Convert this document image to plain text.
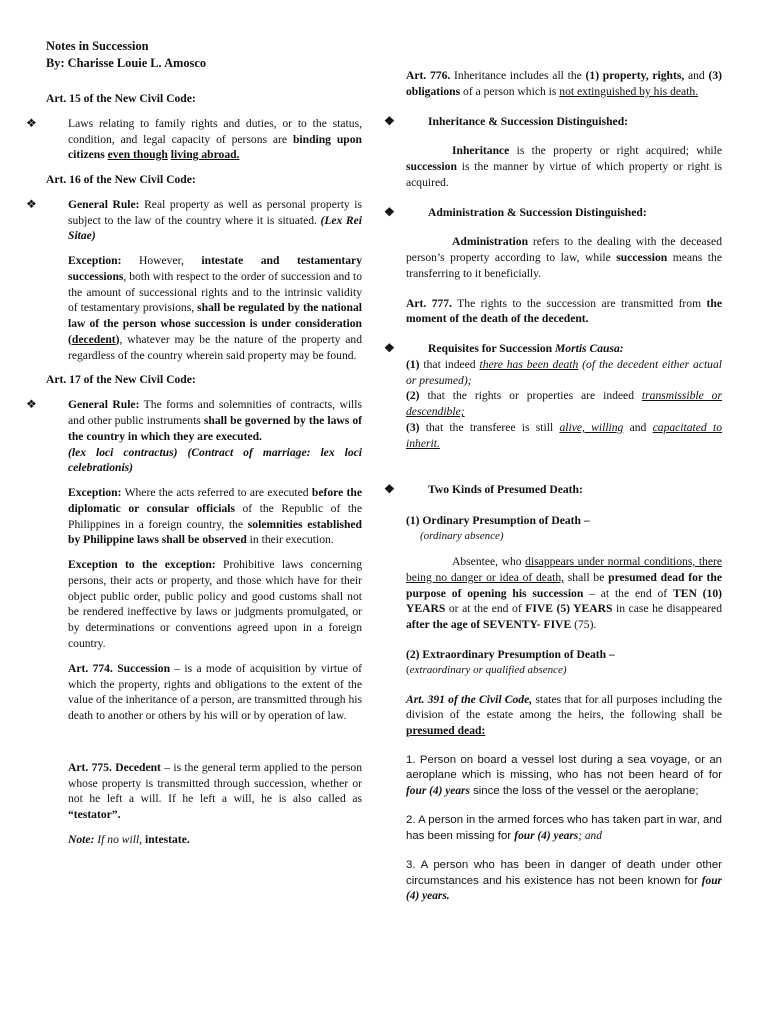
Notes in Succession
By: Charisse Louie L. Amosco

Art. 15 of the New Civil Code:

❖	Laws relating to family rights and duties, or to the status, condition, and legal capacity of persons are binding upon citizens even though living abroad.

Art. 16 of the New Civil Code:

❖	General Rule: Real property as well as personal property is subject to the law of the country where it is situated. (Lex Rei Sitae)
Exception: However, intestate and testamentary successions, both with respect to the order of succession and to the amount of successional rights and to the intrinsic validity of testamentary provisions, shall be regulated by the national law of the person whose succession is under consideration (decedent), whatever may be the nature of the property and regardless of the country wherein said property may be found.

Art. 17 of the New Civil Code:

❖	General Rule: The forms and solemnities of contracts, wills and other public instruments shall be governed by the laws of the country in which they are executed.
(lex loci contractus) (Contract of marriage: lex loci celebrationis)
Exception: Where the acts referred to are executed before the diplomatic or consular officials of the Republic of the Philippines in a foreign country, the solemnities established by Philippine laws shall be observed in their execution.
Exception to the exception: Prohibitive laws concerning persons, their acts or property, and those which have for their object public order, public policy and good customs shall not be rendered ineffective by laws or judgments promulgated, or by determinations or conventions agreed upon in a foreign country.
Art. 774. Succession – is a mode of acquisition by virtue of which the property, rights and obligations to the extent of the value of the inheritance of a person, are transmitted through his death to another or others by his will or by operation of law.
Art. 775. Decedent – is the general term applied to the person whose property is transmitted through succession, whether or not he left a will. If he left a will, he is also called as “testator”.
Note: If no will, intestate.
Art. 776. Inheritance includes all the (1) property, rights, and (3) obligations of a person which is not extinguished by his death.
❖	Inheritance & Succession Distinguished:
Inheritance is the property or right acquired; while succession is the manner by virtue of which property or right is acquired.
❖	Administration & Succession Distinguished:
Administration refers to the dealing with the deceased person’s property according to law, while succession means the transferring to it beneficially.
Art. 777. The rights to the succession are transmitted from the moment of the death of the decedent.
❖	Requisites for Succession Mortis Causa:
(1) that indeed there has been death (of the decedent either actual or presumed);
(2) that the rights or properties are indeed transmissible or descendible;
(3) that the transferee is still alive, willing and capacitated to inherit.
❖	Two Kinds of Presumed Death:

(1) Ordinary Presumption of Death –

(ordinary absence)

Absentee, who disappears under normal conditions, there being no danger or idea of death, shall be presumed dead for the purpose of opening his succession – at the end of TEN (10) YEARS or at the end of FIVE (5) YEARS in case he disappeared after the age of SEVENTY- FIVE (75).
(2) Extraordinary Presumption of Death –

(extraordinary or qualified absence)

Art. 391 of the Civil Code, states that for all purposes including the division of the estate among the heirs, the following shall be presumed dead:
1. Person on board a vessel lost during a sea voyage, or an aeroplane which is missing, who has not been heard of for four (4) years since the loss of the vessel or the aeroplane;
2. A person in the armed forces who has taken part in war, and has been missing for four (4) years; and
3. A person who has been in danger of death under other circumstances and his existence has not been known for four (4) years.
